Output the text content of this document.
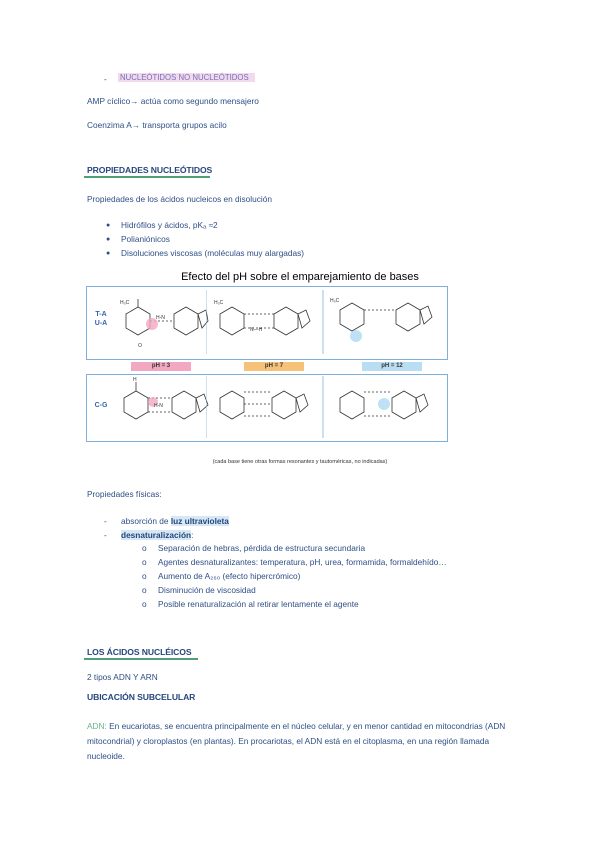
- NUCLEÓTIDOS NO NUCLEÓTIDOS
AMP cíclico→ actúa como segundo mensajero
Coenzima A→ transporta grupos acilo
PROPIEDADES NUCLEÓTIDOS
Propiedades de los ácidos nucleicos en disolución
● Hidrófilos y ácidos, pKₐ ≈2
● Polianiónicos
● Disoluciones viscosas (moléculas muy alargadas)
Efecto del pH sobre el emparejamiento de bases
T-A
U-A
H₃C
O
H-N
H₃C
N—H
H₃C
pH = 3	pH = 7	pH = 12
C-G
H
H-N
(cada base tiene otras formas resonantes y tautoméricas, no indicadas)
Propiedades físicas:
- absorción de luz ultravioleta
- desnaturalización:
o Separación de hebras, pérdida de estructura secundaria
o Agentes desnaturalizantes: temperatura, pH, urea, formamida, formaldehído…
o Aumento de A₂₆₀ (efecto hipercrómico)
o Disminución de viscosidad
o Posible renaturalización al retirar lentamente el agente
LOS ÁCIDOS NUCLÉICOS
2 tipos ADN Y ARN
UBICACIÓN SUBCELULAR
ADN: En eucariotas, se encuentra principalmente en el núcleo celular, y en menor cantidad en mitocondrias (ADN mitocondrial) y cloroplastos (en plantas). En procariotas, el ADN está en el citoplasma, en una región llamada nucleoide.
